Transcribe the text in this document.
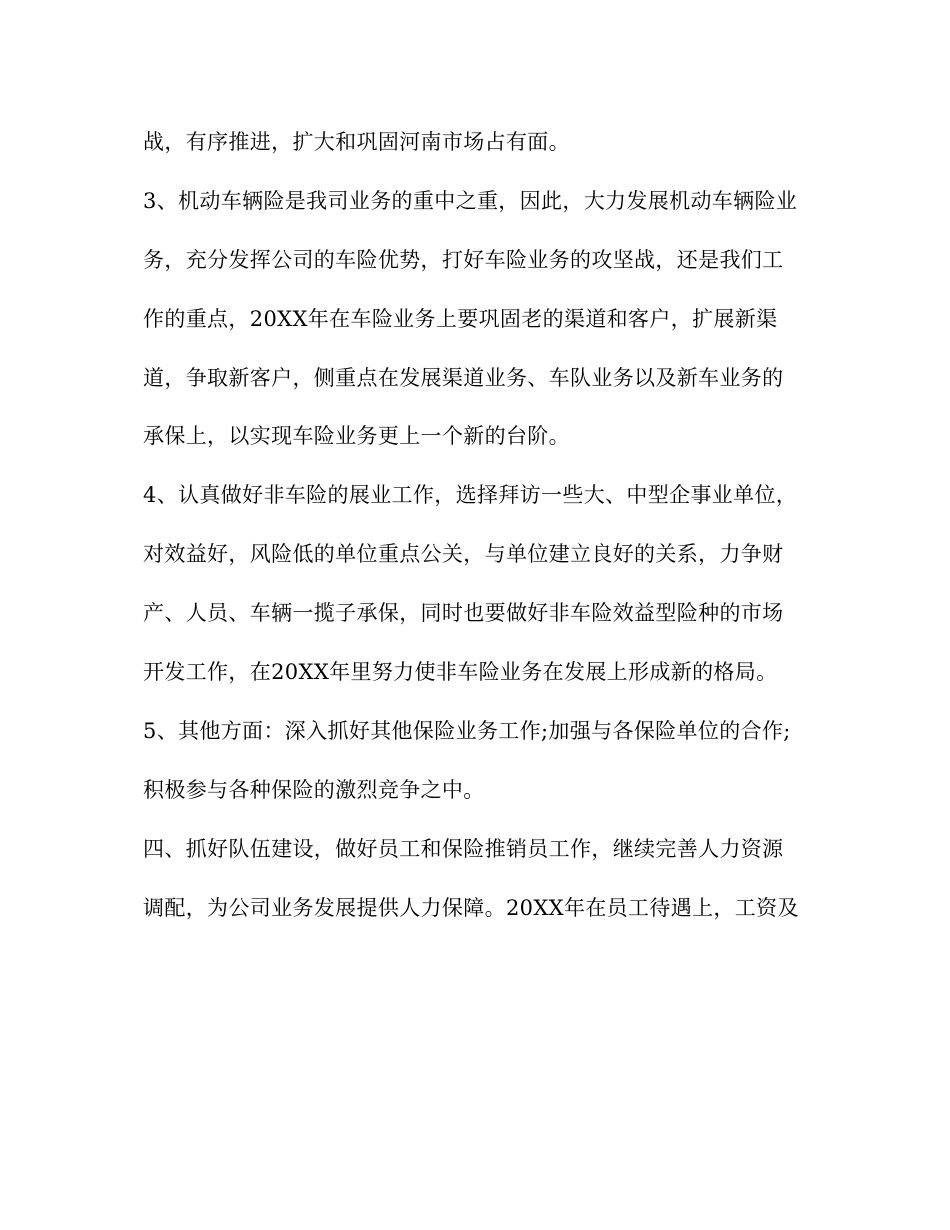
战，有序推进，扩大和巩固河南市场占有面。
3、机动车辆险是我司业务的重中之重，因此，大力发展机动车辆险业
务，充分发挥公司的车险优势，打好车险业务的攻坚战，还是我们工
作的重点，20XX年在车险业务上要巩固老的渠道和客户，扩展新渠
道，争取新客户，侧重点在发展渠道业务、车队业务以及新车业务的
承保上，以实现车险业务更上一个新的台阶。
4、认真做好非车险的展业工作，选择拜访一些大、中型企事业单位，
对效益好，风险低的单位重点公关，与单位建立良好的关系，力争财
产、人员、车辆一揽子承保，同时也要做好非车险效益型险种的市场
开发工作，在20XX年里努力使非车险业务在发展上形成新的格局。
5、其他方面：深入抓好其他保险业务工作;加强与各保险单位的合作;
积极参与各种保险的激烈竞争之中。
四、抓好队伍建设，做好员工和保险推销员工作，继续完善人力资源
调配，为公司业务发展提供人力保障。20XX年在员工待遇上，工资及
